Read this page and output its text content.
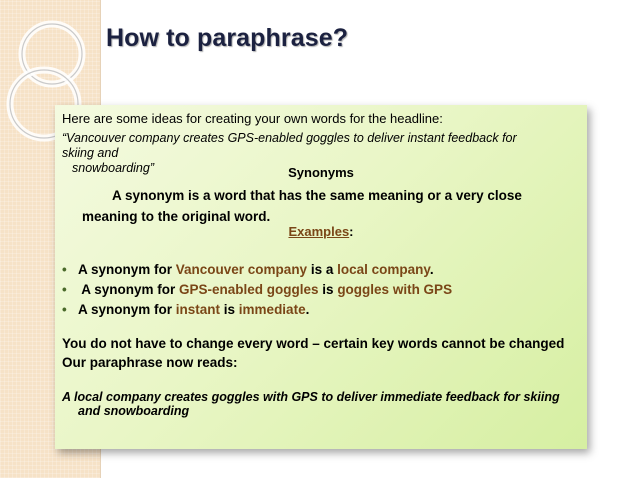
How to paraphrase?

Here are some ideas for creating your own words for the headline:

“Vancouver company creates GPS-enabled goggles to deliver instant feedback for skiing and
snowboarding”	Synonyms

A synonym is a word that has the same meaning or a very close meaning to the original word.

Examples:

• A synonym for Vancouver company is a local company.
•  A synonym for GPS-enabled goggles is goggles with GPS
• A synonym for instant is immediate.

You do not have to change every word – certain key words cannot be changed

Our paraphrase now reads:

A local company creates goggles with GPS to deliver immediate feedback for skiing
and snowboarding
